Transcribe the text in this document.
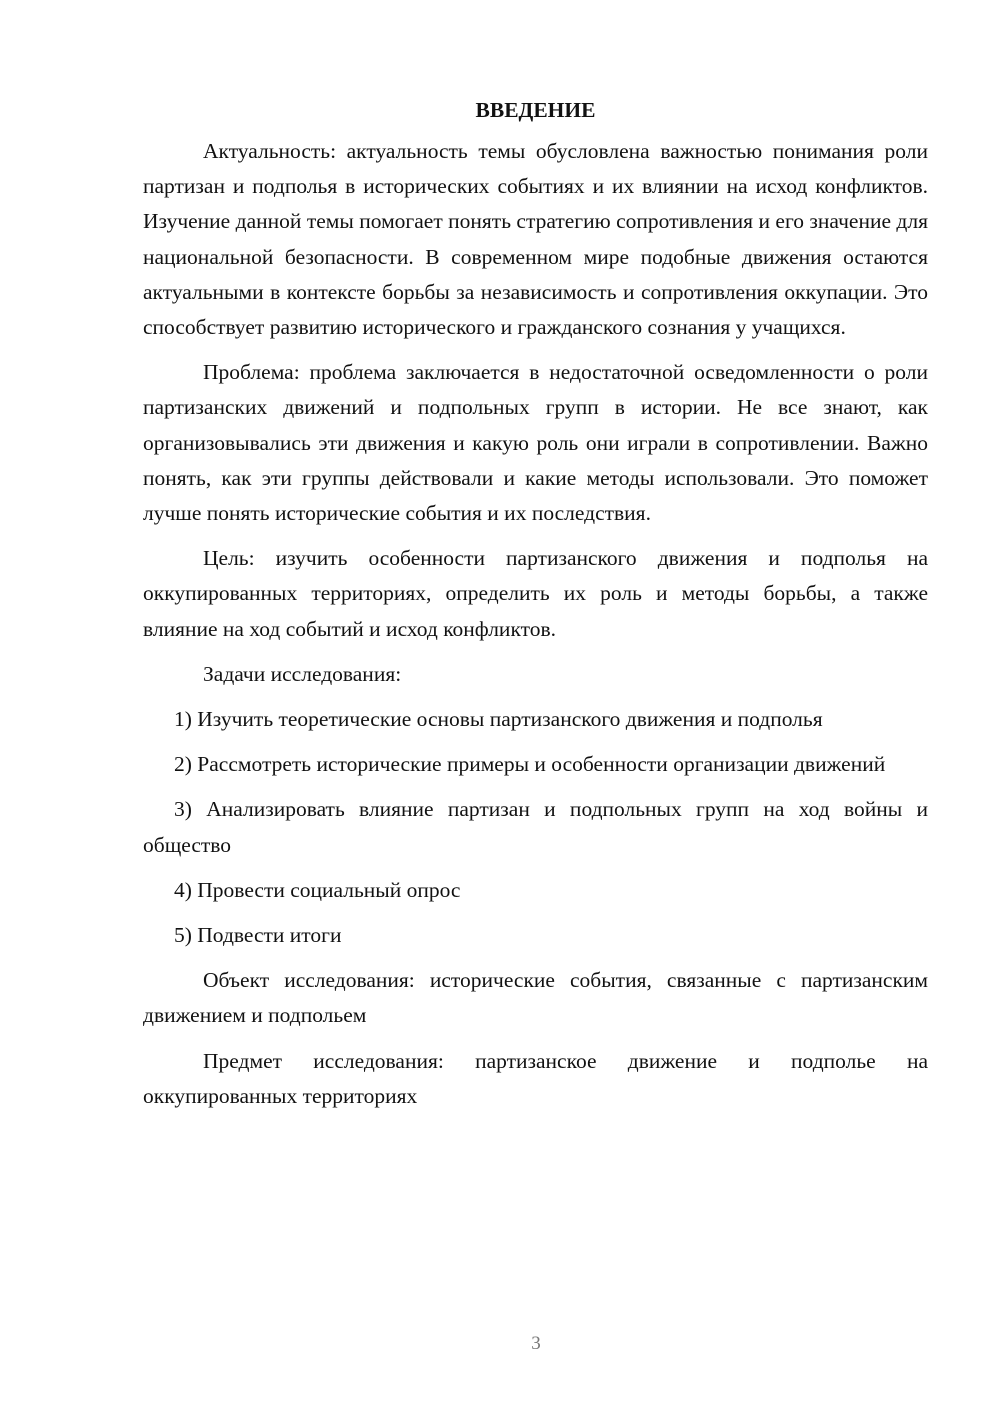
ВВЕДЕНИЕ

Актуальность: актуальность темы обусловлена важностью понимания роли партизан и подполья в исторических событиях и их влиянии на исход конфликтов. Изучение данной темы помогает понять стратегию сопротивления и его значение для национальной безопасности. В современном мире подобные движения остаются актуальными в контексте борьбы за независимость и сопротивления оккупации. Это способствует развитию исторического и гражданского сознания у учащихся.

Проблема: проблема заключается в недостаточной осведомленности о роли партизанских движений и подпольных групп в истории. Не все знают, как организовывались эти движения и какую роль они играли в сопротивлении. Важно понять, как эти группы действовали и какие методы использовали. Это поможет лучше понять исторические события и их последствия.

Цель: изучить особенности партизанского движения и подполья на оккупированных территориях, определить их роль и методы борьбы, а также влияние на ход событий и исход конфликтов.

Задачи исследования:

1) Изучить теоретические основы партизанского движения и подполья

2) Рассмотреть исторические примеры и особенности организации движений

3) Анализировать влияние партизан и подпольных групп на ход войны и общество

4) Провести социальный опрос

5) Подвести итоги

Объект исследования: исторические события, связанные с партизанским движением и подпольем

Предмет исследования: партизанское движение и подполье на оккупированных территориях

3
